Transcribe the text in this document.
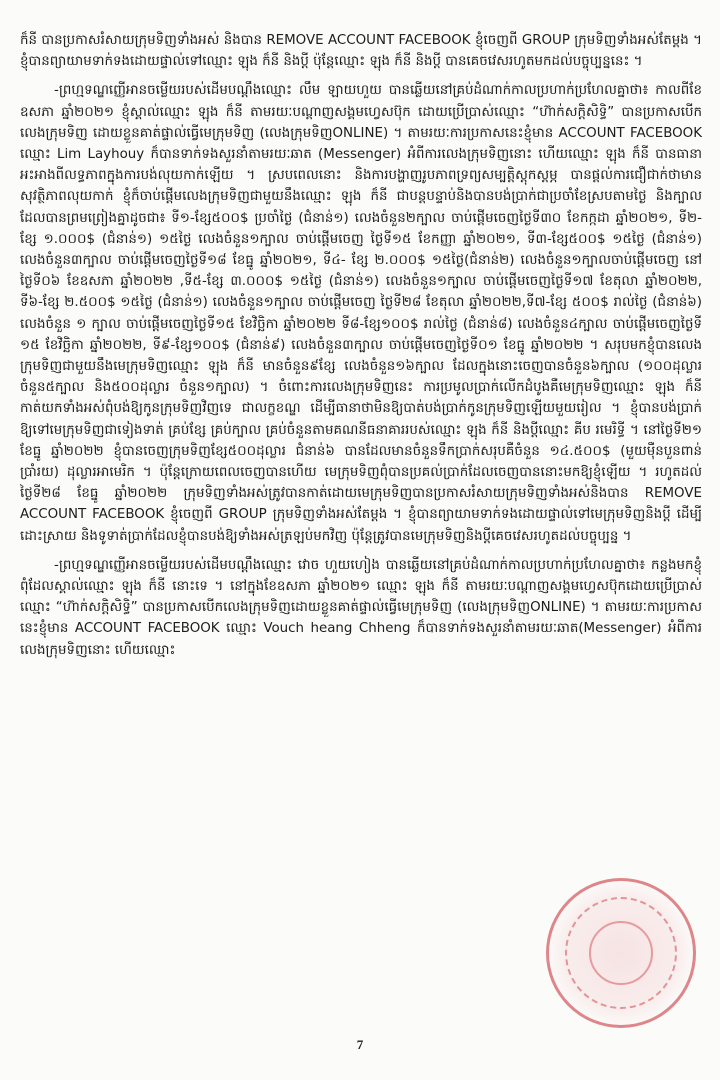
ក៏នី បានប្រកាសរំសាយក្រុមទិញទាំងអស់ និងបាន REMOVE ACCOUNT FACEBOOK ខ្ញុំចេញពី GROUP ក្រុមទិញទាំងអស់តែម្តង ។ ខ្ញុំបានព្យាយាមទាក់ទងដោយផ្ទាល់ទៅឈ្មោះ ឡុង ក៏នី និងប្តី ប៉ុន្តែឈ្មោះ ឡុង ក៏នី និងប្តី បានគេចវេសរហូតមកដល់បច្ចុប្បន្ននេះ ។

-ព្រហ្មទណ្ឌញ្ញើអានចម្លើយរបស់ដើមបណ្តឹងឈ្មោះ លឹម ឡាយហួយ បានឆ្លើយនៅគ្រប់ដំណាក់កាលប្រហាក់ប្រហែលគ្នាថា៖ កាលពីខែឧសភា ឆ្នាំ២០២១ ខ្ញុំស្គាល់ឈ្មោះ ឡុង ក៏នី តាមរយៈបណ្តាញសង្គមហ្វេសប៊ុក ដោយប្រើប្រាស់ឈ្មោះ “ហ៊ាក់សក្តិសិទ្ធិ” បានប្រកាសបើកលេងក្រុមទិញ ដោយខ្លួនគាត់ផ្ទាល់ធ្វើមេក្រុមទិញ (លេងក្រុមទិញONLINE) ។ តាមរយៈការប្រកាសនេះខ្ញុំមាន ACCOUNT FACEBOOK ឈ្មោះ Lim Layhouy ក៏បានទាក់ទងសួរនាំតាមរយៈឆាត (Messenger) អំពីការលេងក្រុមទិញនោះ ហើយឈ្មោះ ឡុង ក៏នី បានធានាអះអាងពីលទ្ធភាពក្នុងការបង់លុយកាក់ឡើយ ។ ស្របពេលនោះ និងការបង្ហាញរូបភាពទ្រព្យសម្បត្តិស្តុកស្តម្ភ បានផ្តល់ការជឿជាក់ថាមានសុវត្ថិភាពលុយកាក់ ខ្ញុំក៏ចាប់ផ្តើមលេងក្រុមទិញជាមួយនឹងឈ្មោះ ឡុង ក៏នី ជាបន្តបន្ទាប់និងបានបង់ប្រាក់ជាប្រចាំខែស្របតាមថ្ងៃ និងក្បាលដែលបានព្រមព្រៀងគ្នាដូចជា៖ ទី១-ខ្សែ៥០០$ ប្រចាំថ្ងៃ (ជំនាន់១) លេងចំនួន២ក្បាល ចាប់ផ្តើមចេញថ្ងៃទី៣០ ខែកក្កដា ឆ្នាំ២០២១, ទី២-ខ្សែ ១.០០០$ (ជំនាន់១) ១៥ថ្ងៃ លេងចំនួន១ក្បាល ចាប់ផ្តើមចេញ ថ្ងៃទី១៥ ខែកញ្ញា ឆ្នាំ២០២១, ទី៣-ខ្សែ៥០០$ ១៥ថ្ងៃ (ជំនាន់១) លេងចំនួន៣ក្បាល ចាប់ផ្តើមចេញថ្ងៃទី១៨ ខែធ្នូ ឆ្នាំ២០២១, ទី៤- ខ្សែ ២.០០០$ ១៥ថ្ងៃ(ជំនាន់២) លេងចំនួន១ក្បាលចាប់ផ្តើមចេញ នៅថ្ងៃទី០៦ ខែឧសភា ឆ្នាំ២០២២ ,ទី៥-ខ្សែ ៣.០០០$ ១៥ថ្ងៃ (ជំនាន់១) លេងចំនួន១ក្បាល ចាប់ផ្តើមចេញថ្ងៃទី១៧ ខែតុលា ឆ្នាំ២០២២, ទី៦-ខ្សែ ២.៥០០$ ១៥ថ្ងៃ (ជំនាន់១) លេងចំនួន១ក្បាល ចាប់ផ្តើមចេញ ថ្ងៃទី២៨ ខែតុលា ឆ្នាំ២០២២,ទី៧-ខ្សែ ៥០០$ រាល់ថ្ងៃ (ជំនាន់៦) លេងចំនួន ១ ក្បាល ចាប់ផ្តើមចេញថ្ងៃទី១៥ ខែវិច្ឆិកា ឆ្នាំ២០២២ ទី៨-ខ្សែ១០០$ រាល់ថ្ងៃ (ជំនាន់៨) លេងចំនួន៤ក្បាល ចាប់ផ្តើមចេញថ្ងៃទី ១៥ ខែវិច្ឆិកា ឆ្នាំ២០២២, ទី៩-ខ្សែ១០០$ (ជំនាន់៩) លេងចំនួន៣ក្បាល ចាប់ផ្តើមចេញថ្ងៃទី០១ ខែធ្នូ ឆ្នាំ២០២២ ។ សរុបមកខ្ញុំបានលេងក្រុមទិញជាមួយនឹងមេក្រុមទិញឈ្មោះ ឡុង ក៏នី មានចំនួន៩ខ្សែ លេងចំនួន១៦ក្បាល ដែលក្នុងនោះចេញបានចំនួន៦ក្បាល (១០០ដុល្លារចំនួន៥ក្បាល និង៥០០ដុល្លារ ចំនួន១ក្បាល) ។ ចំពោះការលេងក្រុមទិញនេះ ការប្រមូលប្រាក់លើកដំបូងគឺមេក្រុមទិញឈ្មោះ ឡុង ក៏នី កាត់យកទាំងអស់ពុំបង់ឱ្យកូនក្រុមទិញវិញទេ ជាលក្ខខណ្ឌ ដើម្បីធានាថាមិនឱ្យបាត់បង់ប្រាក់កូនក្រុមទិញឡើយមួយរៀល ។ ខ្ញុំបានបង់ប្រាក់ឱ្យទៅមេក្រុមទិញជាទៀងទាត់ គ្រប់ខ្សែ គ្រប់ក្បាល គ្រប់ចំនួនតាមគណនីធនាគាររបស់ឈ្មោះ ឡុង ក៏នី និងប្តីឈ្មោះ គីប រមេរិទ្ធី ។ នៅថ្ងៃទី២១ ខែធ្នូ ឆ្នាំ២០២២ ខ្ញុំបានចេញក្រុមទិញខ្សែ៥០០ដុល្លារ ជំនាន់៦ បានដែលមានចំនួនទឹកប្រាក់សរុបគឺចំនួន ១៤.៥០០$ (មួយម៉ឺនបួនពាន់ប្រាំរយ) ដុល្លារអាមេរិក ។ ប៉ុន្តែក្រោយពេលចេញបានហើយ មេក្រុមទិញពុំបានប្រគល់ប្រាក់ដែលចេញបាននោះមកឱ្យខ្ញុំឡើយ ។ រហូតដល់ថ្ងៃទី២៨ ខែធ្នូ ឆ្នាំ២០២២ ក្រុមទិញទាំងអស់ត្រូវបានកាត់ដោយមេក្រុមទិញបានប្រកាសរំសាយក្រុមទិញទាំងអស់និងបាន REMOVE ACCOUNT FACEBOOK ខ្ញុំចេញពី GROUP ក្រុមទិញទាំងអស់តែម្តង ។ ខ្ញុំបានព្យាយាមទាក់ទងដោយផ្ទាល់ទៅមេក្រុមទិញនិងប្តី ដើម្បីដោះស្រាយ និងទូទាត់ប្រាក់ដែលខ្ញុំបានបង់ឱ្យទាំងអស់ត្រឡប់មកវិញ ប៉ុន្តែត្រូវបានមេក្រុមទិញនិងប្តីគេចវេសរហូតដល់បច្ចុប្បន្ន ។

-ព្រហ្មទណ្ឌញ្ញើអានចម្លើយរបស់ដើមបណ្តឹងឈ្មោះ វោច ហួយហៀង បានឆ្លើយនៅគ្រប់ដំណាក់កាលប្រហាក់ប្រហែលគ្នាថា៖ កន្លងមកខ្ញុំពុំដែលស្គាល់ឈ្មោះ ឡុង ក៏នី នោះទេ ។ នៅក្នុងខែឧសភា ឆ្នាំ២០២១ ឈ្មោះ ឡុង ក៏នី តាមរយៈបណ្តាញសង្គមហ្វេសប៊ុកដោយប្រើប្រាស់ឈ្មោះ “ហ៊ាក់សក្តិសិទ្ធិ” បានប្រកាសបើកលេងក្រុមទិញដោយខ្លួនគាត់ផ្ទាល់ធ្វើមេក្រុមទិញ (លេងក្រុមទិញONLINE) ។ តាមរយៈការប្រកាសនេះខ្ញុំមាន ACCOUNT FACEBOOK ឈ្មោះ Vouch heang Chheng ក៏បានទាក់ទងសួរនាំតាមរយៈឆាត(Messenger) អំពីការលេងក្រុមទិញនោះ ហើយឈ្មោះ

7
